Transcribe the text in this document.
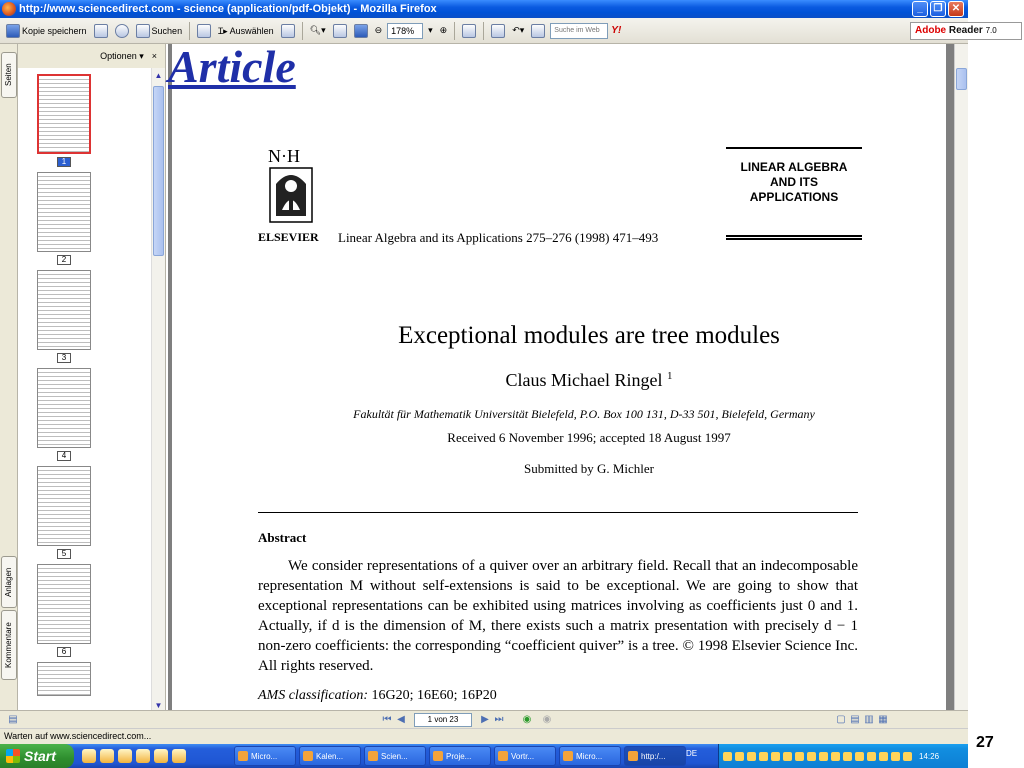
http://www.sciencedirect.com - science (application/pdf-Objekt) - Mozilla Firefox	_	❐ ✕
Kopie speichern	Suchen	Ɪ▸ Auswählen	🔍︎▾	⊖	178%	▾ ⊕	↶▾	Suche im Web	Y!	Adobe Reader 7.0
Seiten
Anlagen
Kommentare
Optionen ▾ ×
1
2
3
4
5
6
▲
▼
Article
N·H
ELSEVIER Linear Algebra and its Applications 275–276 (1998) 471–493
LINEAR ALGEBRA
AND ITS
APPLICATIONS
Exceptional modules are tree modules
Claus Michael Ringel $^1$
Fakultät für Mathematik Universität Bielefeld, P.O. Box 100 131, D-33 501, Bielefeld, Germany
Received 6 November 1996; accepted 18 August 1997
Submitted by G. Michler
Abstract
We consider representations of a quiver over an arbitrary field. Recall that an indecomposable representation M without self-extensions is said to be exceptional. We are going to show that exceptional representations can be exhibited using matrices involving as coefficients just 0 and 1. Actually, if d is the dimension of M, there exists such a matrix presentation with precisely d − 1 non-zero coefficients: the corresponding “coefficient quiver” is a tree. © 1998 Elsevier Science Inc. All rights reserved.
AMS classification: 16G20; 16E60; 16P20
▤	⏮ ◀	1 von 23	▶ ⏭ ◉ ◉	▢ ▤ ▥ ▦
Warten auf www.sciencedirect.com...
Start	Micro...	Kalen...	Scien...	Proje...	Vortr...	Micro...	http:/...	DE	14:26
27
